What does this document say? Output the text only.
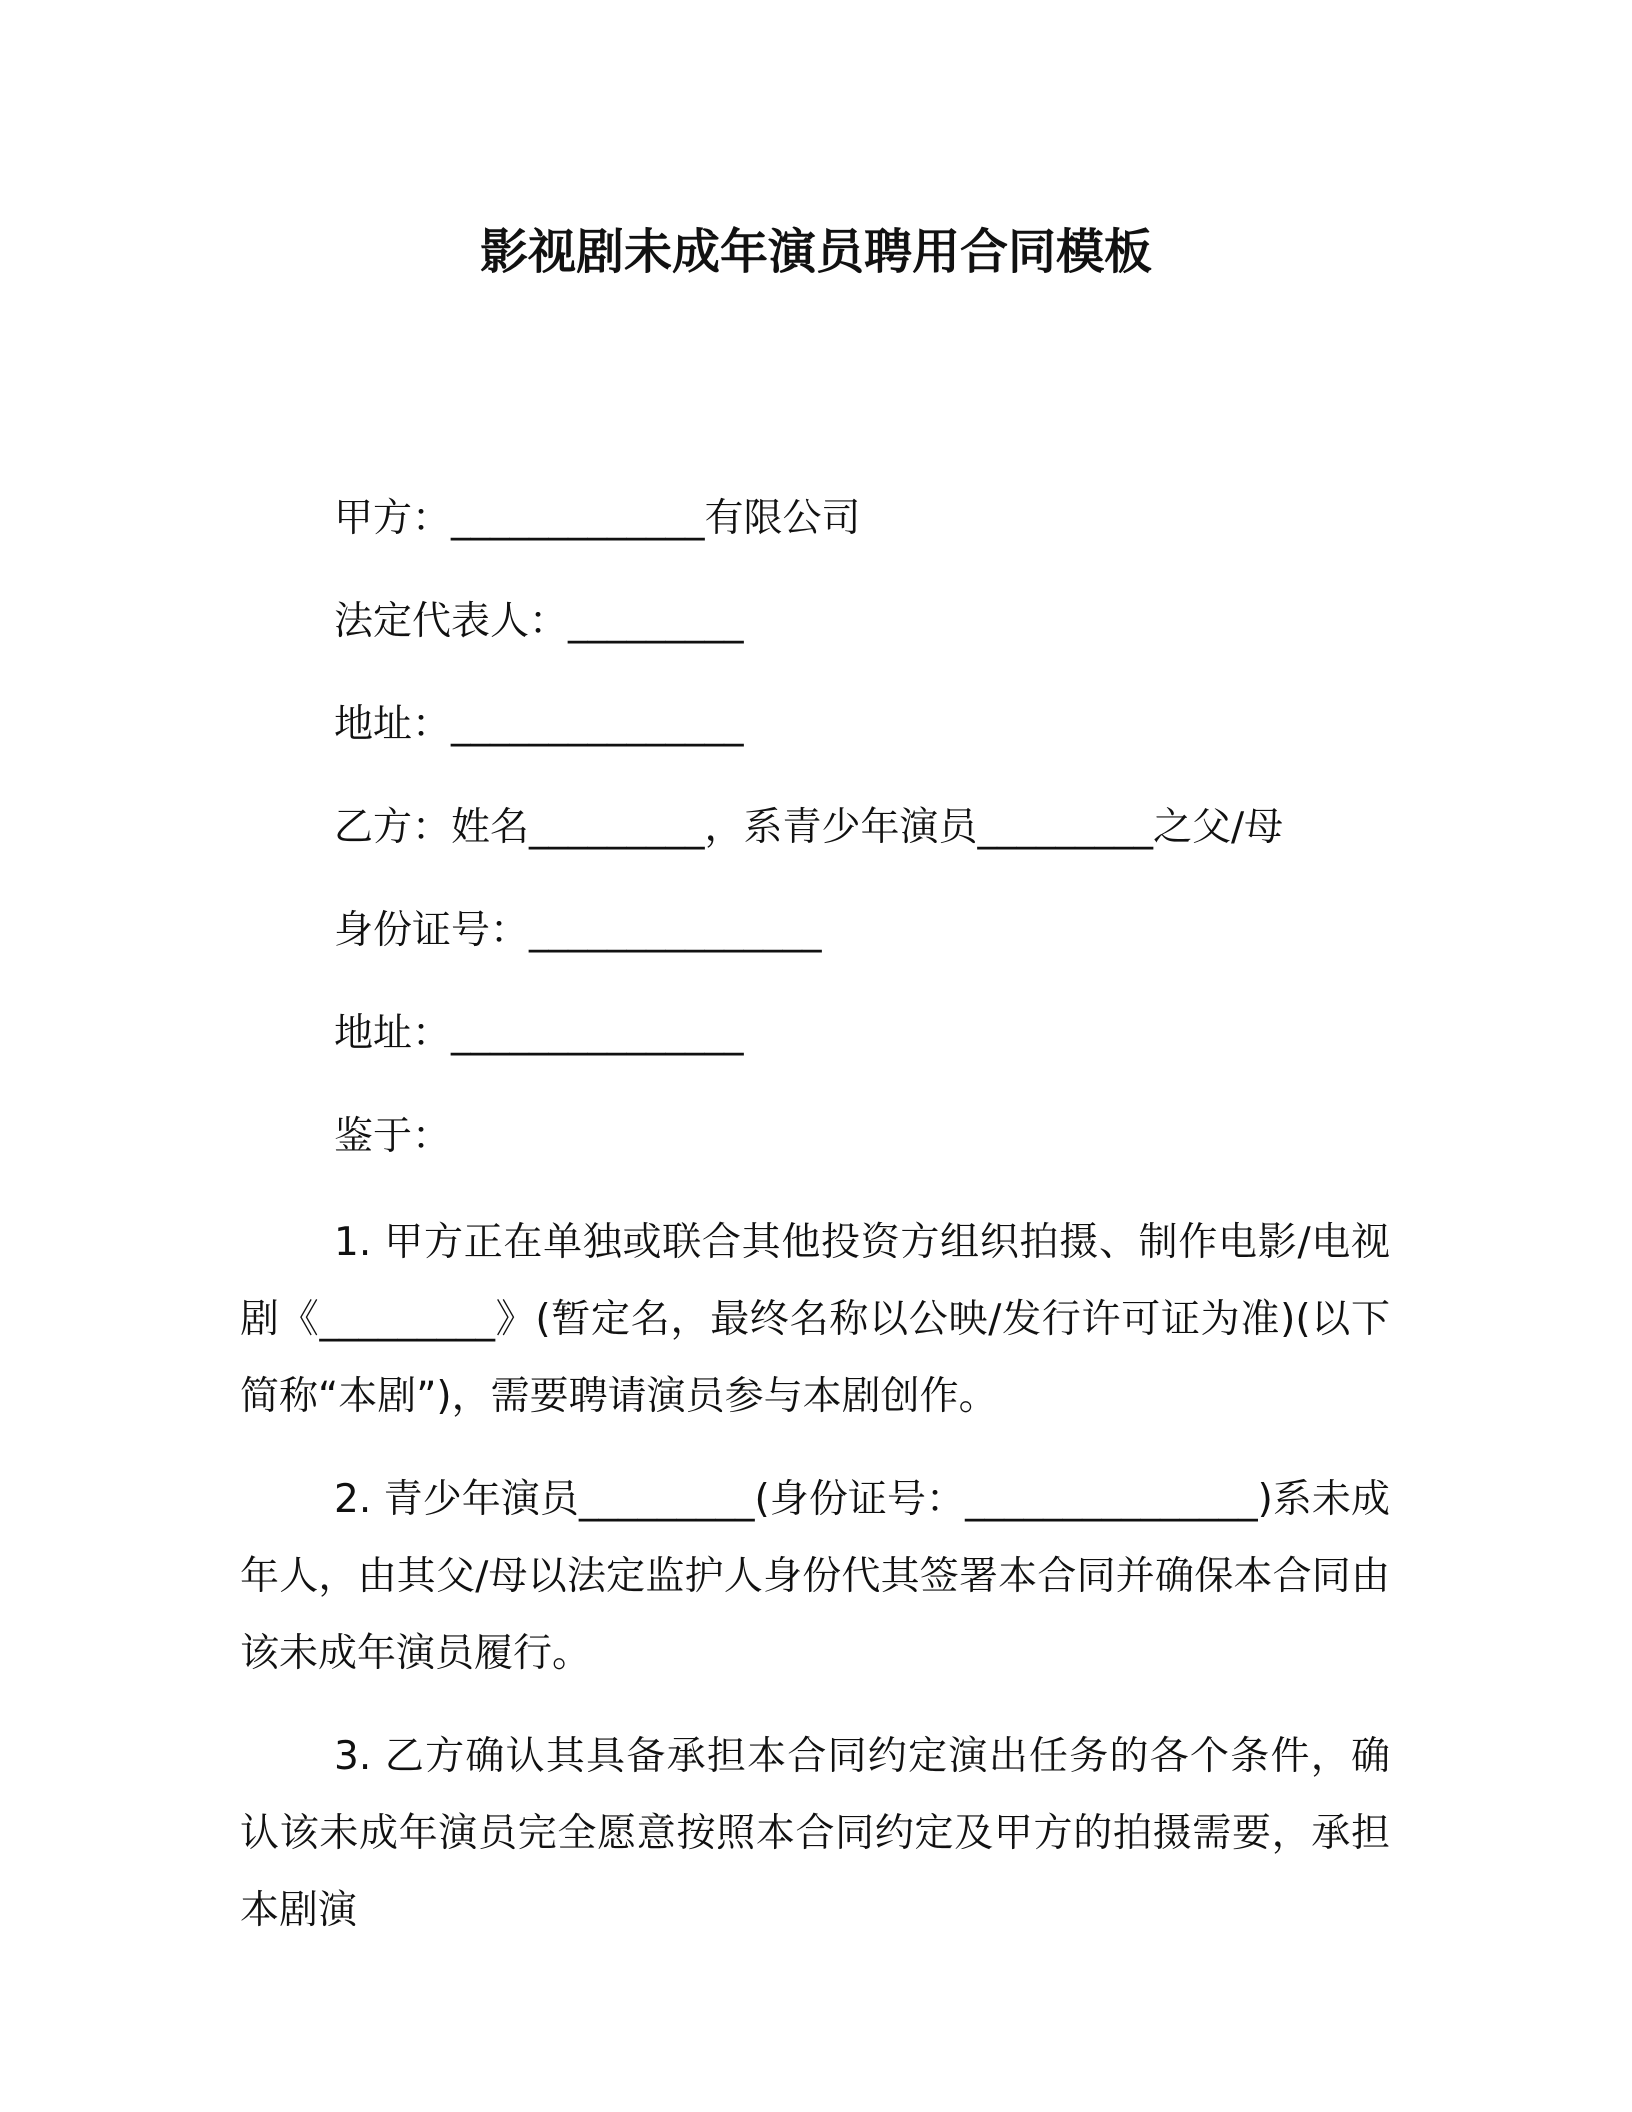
影视剧未成年演员聘用合同模板

甲方：_____________有限公司

法定代表人：_________

地址：_______________

乙方：姓名_________，系青少年演员_________之父/母

身份证号：_______________

地址：_______________

鉴于：

1. 甲方正在单独或联合其他投资方组织拍摄、制作电影/电视剧《_________》(暂定名，最终名称以公映/发行许可证为准)(以下简称“本剧”)，需要聘请演员参与本剧创作。

2. 青少年演员_________(身份证号：_______________)系未成年人，由其父/母以法定监护人身份代其签署本合同并确保本合同由该未成年演员履行。

3. 乙方确认其具备承担本合同约定演出任务的各个条件，确认该未成年演员完全愿意按照本合同约定及甲方的拍摄需要，承担本剧演
